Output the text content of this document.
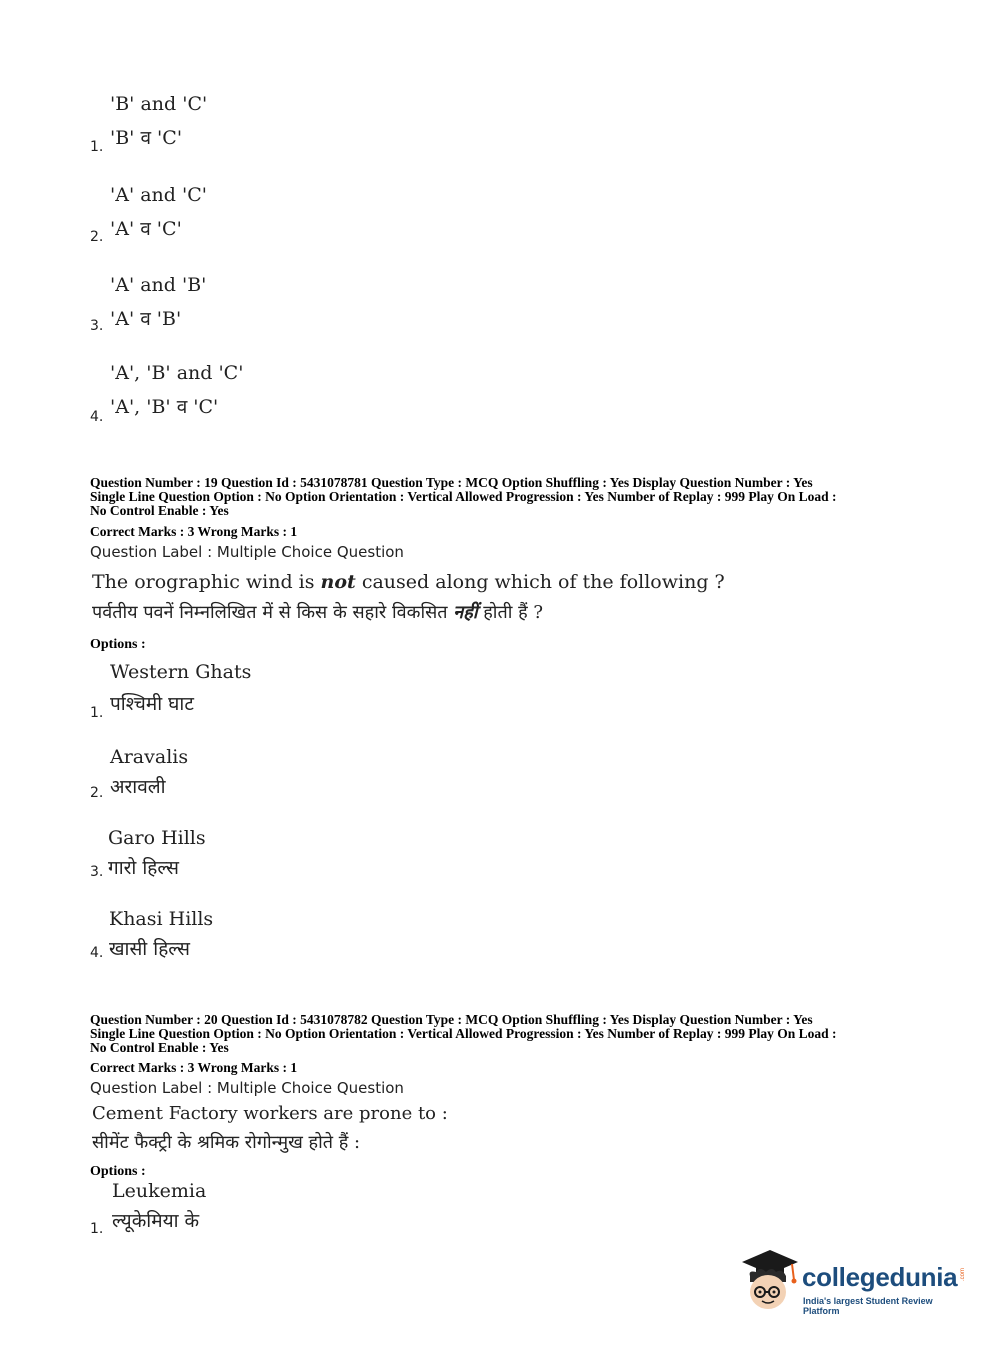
'B' and 'C'
'B' व 'C'
1.
'A' and 'C'
'A' व 'C'
2.
'A' and 'B'
'A' व 'B'
3.
'A', 'B' and 'C'
'A', 'B' व 'C'
4.
Question Number : 19 Question Id : 5431078781 Question Type : MCQ Option Shuffling : Yes Display Question Number : Yes
Single Line Question Option : No Option Orientation : Vertical Allowed Progression : Yes Number of Replay : 999 Play On Load :
No Control Enable : Yes
Correct Marks : 3 Wrong Marks : 1
Question Label : Multiple Choice Question
The orographic wind is not caused along which of the following ?
पर्वतीय पवनें निम्नलिखित में से किस के सहारे विकसित नहीं होती हैं ?
Options :
Western Ghats
पश्चिमी घाट
1.
Aravalis
अरावली
2.
Garo Hills
गारो हिल्स
3.
Khasi Hills
खासी हिल्स
4.
Question Number : 20 Question Id : 5431078782 Question Type : MCQ Option Shuffling : Yes Display Question Number : Yes
Single Line Question Option : No Option Orientation : Vertical Allowed Progression : Yes Number of Replay : 999 Play On Load :
No Control Enable : Yes
Correct Marks : 3 Wrong Marks : 1
Question Label : Multiple Choice Question
Cement Factory workers are prone to :
सीमेंट फैक्ट्री के श्रमिक रोगोन्मुख होते हैं :
Options :
Leukemia
ल्यूकेमिया के
1.
collegedunia .com
India's largest Student Review Platform
